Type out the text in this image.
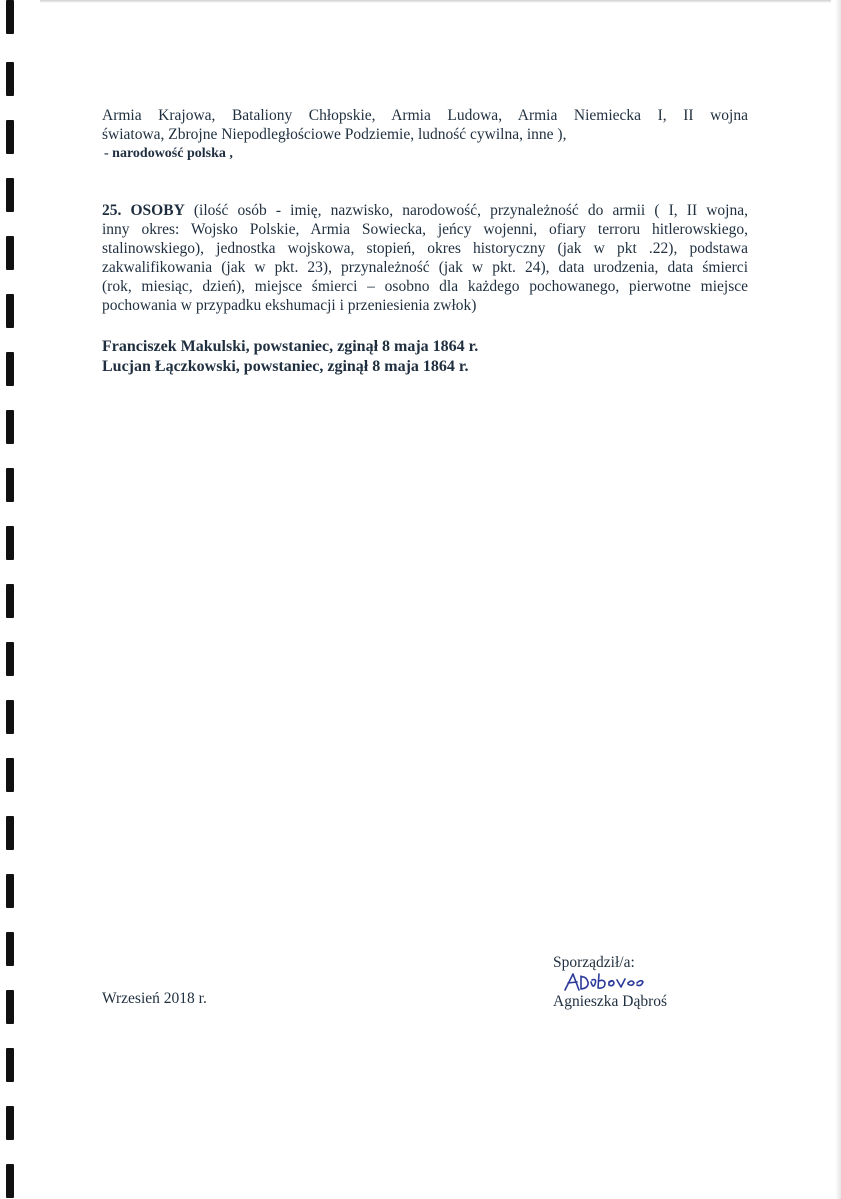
Armia Krajowa, Bataliony Chłopskie, Armia Ludowa, Armia Niemiecka I, II wojna
światowa, Zbrojne Niepodległościowe Podziemie, ludność cywilna, inne ),
- narodowość polska ,
25. OSOBY (ilość osób - imię, nazwisko, narodowość, przynależność do armii ( I, II wojna,
inny okres: Wojsko Polskie, Armia Sowiecka, jeńcy wojenni, ofiary terroru hitlerowskiego,
stalinowskiego), jednostka wojskowa, stopień, okres historyczny (jak w pkt .22), podstawa
zakwalifikowania (jak w pkt. 23), przynależność (jak w pkt. 24), data urodzenia, data śmierci
(rok, miesiąc, dzień), miejsce śmierci – osobno dla każdego pochowanego, pierwotne miejsce
pochowania w przypadku ekshumacji i przeniesienia zwłok)
Franciszek Makulski, powstaniec, zginął 8 maja 1864 r.
Lucjan Łączkowski, powstaniec, zginął 8 maja 1864 r.
Wrzesień 2018 r.
Sporządził/a:
Agnieszka Dąbroś
